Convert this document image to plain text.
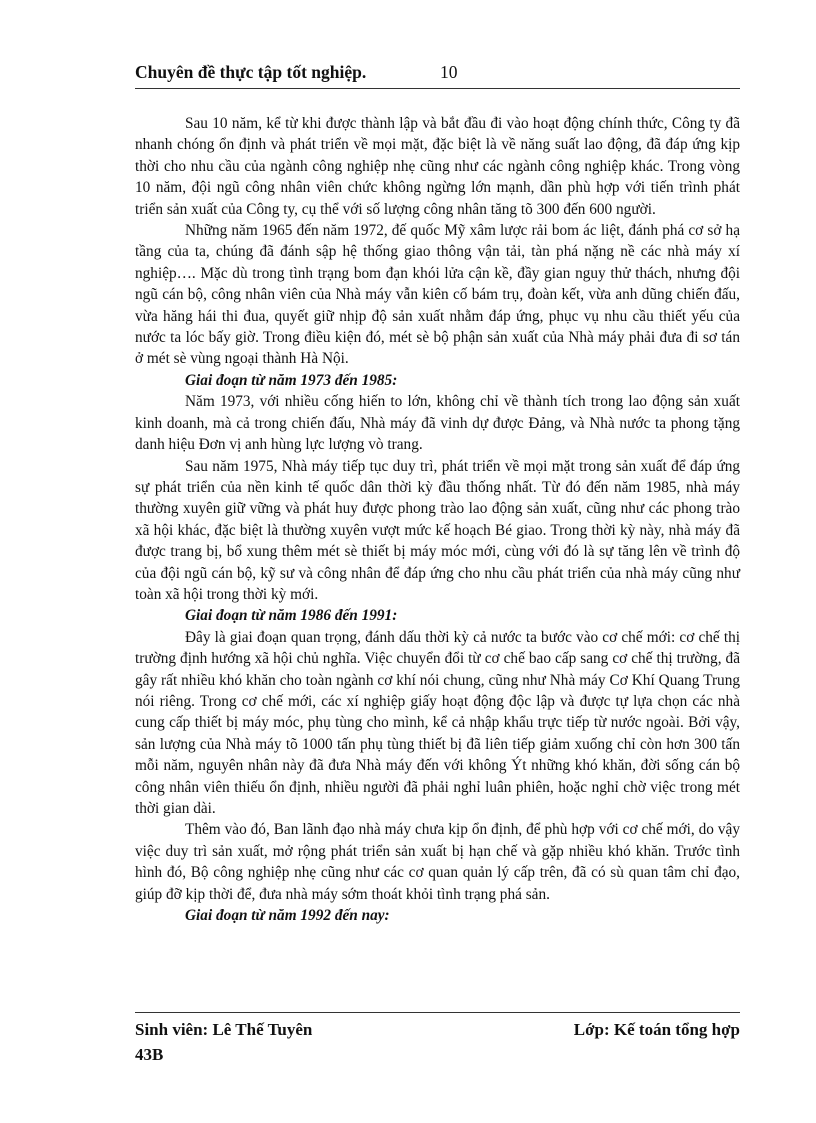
Chuyên đề thực tập tốt nghiệp.	10

Sau 10 năm, kể từ khi được thành lập và bắt đầu đi vào hoạt động chính thức, Công ty đã nhanh chóng ổn định và phát triển về mọi mặt, đặc biệt là về năng suất lao động, đã đáp ứng kịp thời cho nhu cầu của ngành công nghiệp nhẹ cũng như các ngành công nghiệp khác. Trong vòng 10 năm, đội ngũ công nhân viên chức không ngừng lớn mạnh, dần phù hợp với tiến trình phát triển sản xuất của Công ty, cụ thể với số lượng công nhân tăng tõ 300 đến 600 người.

Những năm 1965 đến năm 1972, đế quốc Mỹ xâm lược rải bom ác liệt, đánh phá cơ sở hạ tầng của ta, chúng đã đánh sập hệ thống giao thông vận tải, tàn phá nặng nề các nhà máy xí nghiệp…. Mặc dù trong tình trạng bom đạn khói lửa cận kề, đầy gian nguy thử thách, nhưng đội ngũ cán bộ, công nhân viên của Nhà máy vẫn kiên cố bám trụ, đoàn kết, vừa anh dũng chiến đấu, vừa hăng hái thi đua, quyết giữ nhịp độ sản xuất nhằm đáp ứng, phục vụ nhu cầu thiết yếu của nước ta lóc bấy giờ. Trong điều kiện đó, mét sè bộ phận sản xuất của Nhà máy phải đưa đi sơ tán ở mét sè vùng ngoại thành Hà Nội.

Giai đoạn từ năm 1973 đến 1985:

Năm 1973, với nhiều cống hiến to lớn, không chỉ về thành tích trong lao động sản xuất kinh doanh, mà cả trong chiến đấu, Nhà máy đã vinh dự được Đảng, và Nhà nước ta phong tặng danh hiệu Đơn vị anh hùng lực lượng vò trang.

Sau năm 1975, Nhà máy tiếp tục duy trì, phát triển về mọi mặt trong sản xuất để đáp ứng sự phát triển của nền kinh tế quốc dân thời kỳ đầu thống nhất. Từ đó đến năm 1985, nhà máy thường xuyên giữ vững và phát huy được phong trào lao động sản xuất, cũng như các phong trào xã hội khác, đặc biệt là thường xuyên vượt mức kế hoạch Bé giao. Trong thời kỳ này, nhà máy đã được trang bị, bổ xung thêm mét sè thiết bị máy móc mới, cùng với đó là sự tăng lên về trình độ của đội ngũ cán bộ, kỹ sư và công nhân để đáp ứng cho nhu cầu phát triển của nhà máy cũng như toàn xã hội trong thời kỳ mới.

Giai đoạn từ năm 1986 đến 1991:

Đây là giai đoạn quan trọng, đánh dấu thời kỳ cả nước ta bước vào cơ chế mới: cơ chế thị trường định hướng xã hội chủ nghĩa. Việc chuyển đổi từ cơ chế bao cấp sang cơ chế thị trường, đã gây rất nhiều khó khăn cho toàn ngành cơ khí nói chung, cũng như Nhà máy Cơ Khí Quang Trung nói riêng. Trong cơ chế mới, các xí nghiệp giấy hoạt động độc lập và được tự lựa chọn các nhà cung cấp thiết bị máy móc, phụ tùng cho mình, kể cả nhập khẩu trực tiếp từ nước ngoài. Bởi vậy, sản lượng của Nhà máy tõ 1000 tấn phụ tùng thiết bị đã liên tiếp giảm xuống chỉ còn hơn 300 tấn mỗi năm, nguyên nhân này đã đưa Nhà máy đến với không Ýt những khó khăn, đời sống cán bộ công nhân viên thiếu ổn định, nhiều người đã phải nghỉ luân phiên, hoặc nghỉ chờ việc trong mét thời gian dài.

Thêm vào đó, Ban lãnh đạo nhà máy chưa kịp ổn định, để phù hợp với cơ chế mới, do vậy việc duy trì sản xuất, mở rộng phát triển sản xuất bị hạn chế và gặp nhiều khó khăn. Trước tình hình đó, Bộ công nghiệp nhẹ cũng như các cơ quan quản lý cấp trên, đã có sù quan tâm chỉ đạo, giúp đỡ kịp thời để, đưa nhà máy sớm thoát khỏi tình trạng phá sản.

Giai đoạn từ năm 1992 đến nay:

Sinh viên: Lê Thế Tuyên	Lớp: Kế toán tổng hợp
43B
